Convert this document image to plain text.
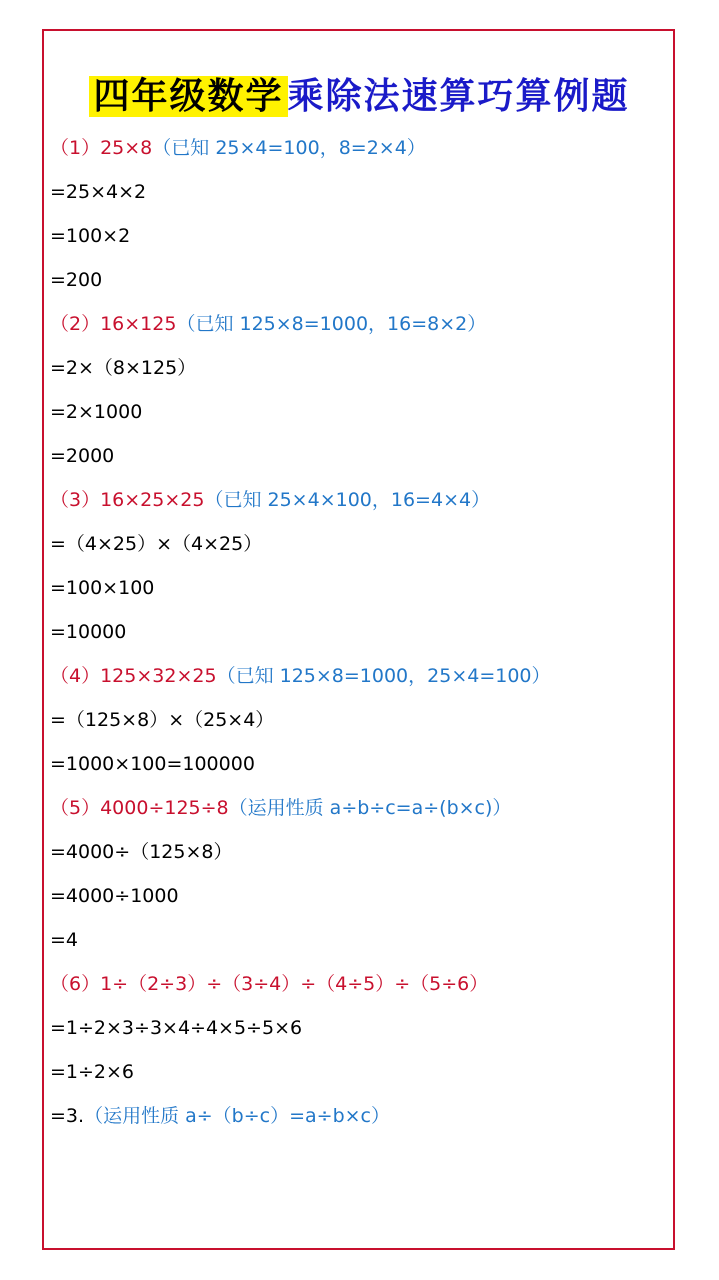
四年级数学 乘除法速算巧算例题
（1）25×8（已知 25×4=100，8=2×4）
=25×4×2
=100×2
=200
（2）16×125（已知 125×8=1000，16=8×2）
=2×（8×125）
=2×1000
=2000
（3）16×25×25（已知 25×4×100，16=4×4）
=（4×25）×（4×25）
=100×100
=10000
（4）125×32×25（已知 125×8=1000，25×4=100）
=（125×8）×（25×4）
=1000×100=100000
（5）4000÷125÷8（运用性质 a÷b÷c=a÷(b×c)）
=4000÷（125×8）
=4000÷1000
=4
（6）1÷（2÷3）÷（3÷4）÷（4÷5）÷（5÷6）
=1÷2×3÷3×4÷4×5÷5×6
=1÷2×6
=3.（运用性质 a÷（b÷c）=a÷b×c）
